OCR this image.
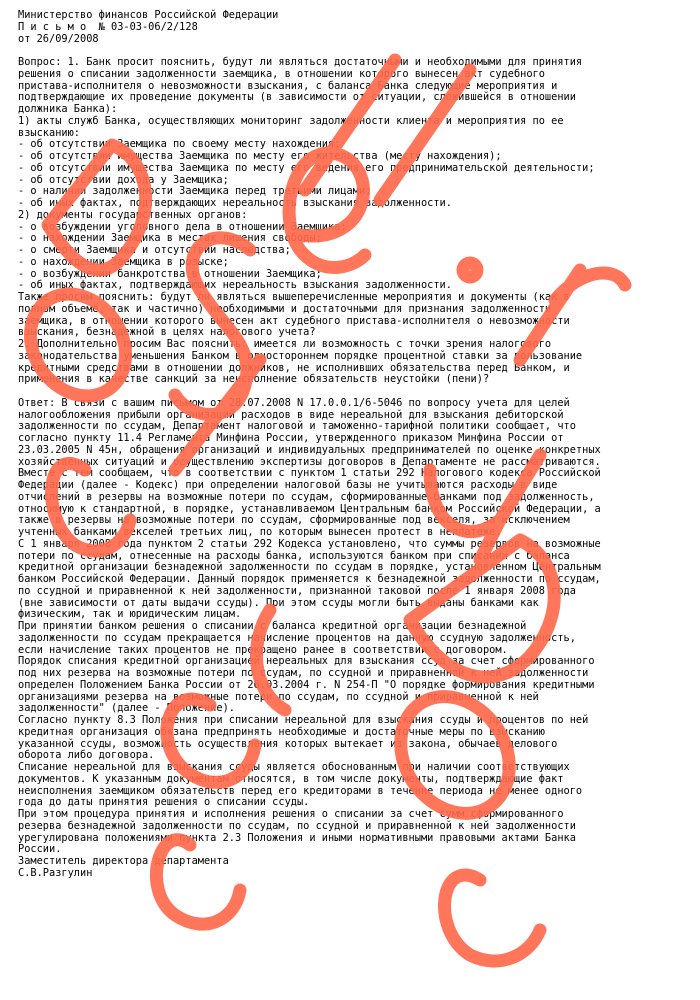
Министерство финансов Российской Федерации
П и с ь м о  № 03-03-06/2/128
от 26/09/2008
Вопрос: 1. Банк просит пояснить, будут ли являться достаточными и необходимыми для принятия
решения о списании задолженности заемщика, в отношении которого вынесен акт судебного
пристава-исполнителя о невозможности взыскания, с баланса Банка следующие мероприятия и
подтверждающие их проведение документы (в зависимости от ситуации, сложившейся в отношении
должника Банка):
1) акты служб Банка, осуществляющих мониторинг задолженности клиента и мероприятия по ее
взысканию:
- об отсутствии Заемщика по своему месту нахождения;
- об отсутствии имущества Заемщика по месту его жительства (месту нахождения);
- об отсутствии имущества Заемщика по месту его ведения его предпринимательской деятельности;
- об отсутствии дохода у Заемщика;
- о наличии задолженности Заемщика перед третьими лицами;
- об иных фактах, подтверждающих нереальность взыскания задолженности.
2) документы государственных органов:
- о возбуждении уголовного дела в отношении Заемщика;
- о нахождении Заемщика в местах лишения свободы;
- о смерти Заемщика и отсутствии наследства;
- о нахождении Заемщика в розыске;
- о возбуждении банкротства в отношении Заемщика;
- об иных фактах, подтверждающих нереальность взыскания задолженности.
Также просим пояснить: будут ли являться вышеперечисленные мероприятия и документы (как в
полном объеме, так и частично) необходимыми и достаточными для признания задолженности
заемщика, в отношении которого вынесен акт судебного пристава-исполнителя о невозможности
взыскания, безнадежной в целях налогового учета?
2. Дополнительно просим Вас пояснить: имеется ли возможность с точки зрения налогового
законодательства уменьшения Банком в одностороннем порядке процентной ставки за пользование
кредитными средствами в отношении должников, не исполнивших обязательства перед Банком, и
применения в качестве санкций за неисполнение обязательств неустойки (пени)?
Ответ: В связи с вашим письмом от 28.07.2008 N 17.0.0.1/6-5046 по вопросу учета для целей
налогообложения прибыли организаций расходов в виде нереальной для взыскания дебиторской
задолженности по ссудам, Департамент налоговой и таможенно-тарифной политики сообщает, что
согласно пункту 11.4 Регламента Минфина России, утвержденного приказом Минфина России от
23.03.2005 N 45н, обращения организаций и индивидуальных предпринимателей по оценке конкретных
хозяйственных ситуаций и осуществлению экспертизы договоров в Департаменте не рассматриваются.
Вместе с тем сообщаем, что в соответствии с пунктом 1 статьи 292 Налогового кодекса Российской
Федерации (далее - Кодекс) при определении налоговой базы не учитываются расходы в виде
отчислений в резервы на возможные потери по ссудам, сформированные банками под задолженность,
относимую к стандартной, в порядке, устанавливаемом Центральным банком Российской Федерации, а
также в резервы на возможные потери по ссудам, сформированные под векселя, за исключением
учтенных банками векселей третьих лиц, по которым вынесен протест в неплатеже.
С 1 января 2008 года пунктом 2 статьи 292 Кодекса установлено, что суммы резервов на возможные
потери по ссудам, отнесенные на расходы банка, используются банком при списании с баланса
кредитной организации безнадежной задолженности по ссудам в порядке, установленном Центральным
банком Российской Федерации. Данный порядок применяется к безнадежной задолженности по ссудам,
по ссудной и приравненной к ней задолженности, признанной таковой после 1 января 2008 года
(вне зависимости от даты выдачи ссуды). При этом ссуды могли быть выданы банками как
физическим, так и юридическим лицам.
При принятии банком решения о списании с баланса кредитной организации безнадежной
задолженности по ссудам прекращается начисление процентов на данную ссудную задолженность,
если начисление таких процентов не прекращено ранее в соответствии с договором.
Порядок списания кредитной организацией нереальных для взыскания ссуд за счет сформированного
под них резерва на возможные потери по ссудам, по ссудной и приравненной к ней задолженности
определен Положением Банка России от 26.03.2004 г. N 254-П "О порядке формирования кредитными
организациями резерва на возможные потери по ссудам, по ссудной и приравненной к ней
задолженности" (далее - Положение).
Согласно пункту 8.3 Положения при списании нереальной для взыскания ссуды и процентов по ней
кредитная организация обязана предпринять необходимые и достаточные меры по взысканию
указанной ссуды, возможность осуществления которых вытекает из закона, обычаев делового
оборота либо договора.
Списание нереальной для взыскания ссуды является обоснованным при наличии соответствующих
документов. К указанным документам относятся, в том числе документы, подтверждающие факт
неисполнения заемщиком обязательств перед его кредиторами в течение периода не менее одного
года до даты принятия решения о списании ссуды.
При этом процедура принятия и исполнения решения о списании за счет сумм сформированного
резерва безнадежной задолженности по ссудам, по ссудной и приравненной к ней задолженности
урегулирована положениями пункта 2.3 Положения и иными нормативными правовыми актами Банка
России.
Заместитель директора департамента
С.В.Разгулин
